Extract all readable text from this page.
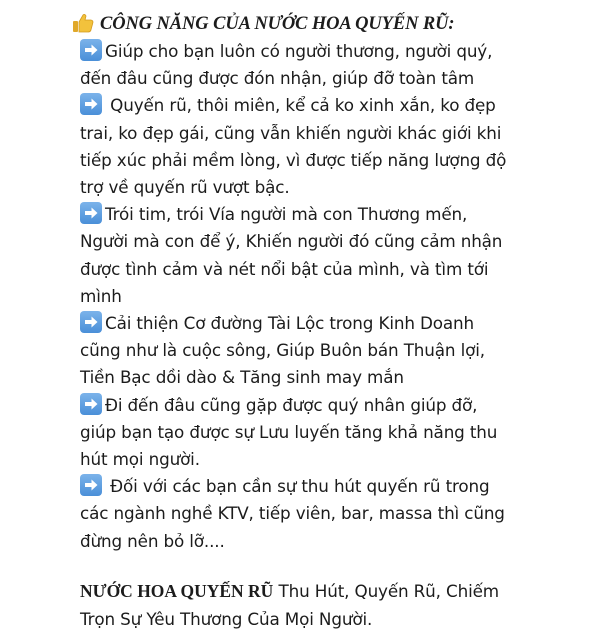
CÔNG NĂNG CỦA NƯỚC HOA QUYẾN RŨ:
Giúp cho bạn luôn có người thương, người quý,
đến đâu cũng được đón nhận, giúp đỡ toàn tâm
Quyến rũ, thôi miên, kể cả ko xinh xắn, ko đẹp
trai, ko đẹp gái, cũng vẫn khiến người khác giới khi
tiếp xúc phải mềm lòng, vì được tiếp năng lượng độ
trợ về quyến rũ vượt bậc.
Trói tim, trói Vía người mà con Thương mến,
Người mà con để ý, Khiến người đó cũng cảm nhận
được tình cảm và nét nổi bật của mình, và tìm tới
mình
Cải thiện Cơ đường Tài Lộc trong Kinh Doanh
cũng như là cuộc sông, Giúp Buôn bán Thuận lợi,
Tiền Bạc dồi dào & Tăng sinh may mắn
Đi đến đâu cũng gặp được quý nhân giúp đỡ,
giúp bạn tạo được sự Lưu luyến tăng khả năng thu
hút mọi người.
Đối với các bạn cần sự thu hút quyến rũ trong
các ngành nghề KTV, tiếp viên, bar, massa thì cũng
đừng nên bỏ lỡ....
NƯỚC HOA QUYẾN RŨ Thu Hút, Quyến Rũ, Chiếm
Trọn Sự Yêu Thương Của Mọi Người.
